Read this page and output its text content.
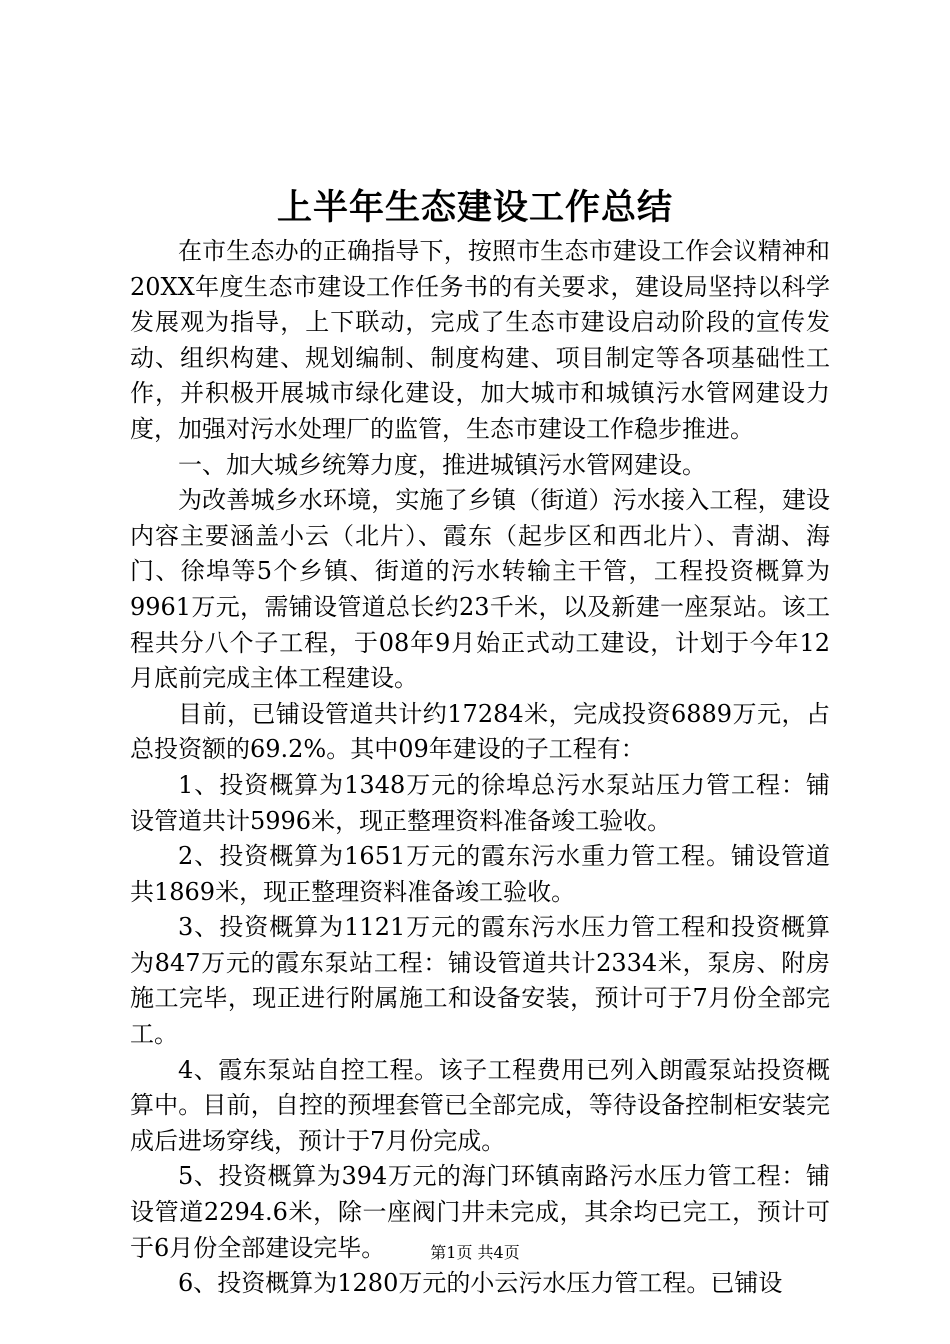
上半年生态建设工作总结

在市生态办的正确指导下，按照市生态市建设工作会议精神和20XX年度生态市建设工作任务书的有关要求，建设局坚持以科学发展观为指导，上下联动，完成了生态市建设启动阶段的宣传发动、组织构建、规划编制、制度构建、项目制定等各项基础性工作，并积极开展城市绿化建设，加大城市和城镇污水管网建设力度，加强对污水处理厂的监管，生态市建设工作稳步推进。

一、加大城乡统筹力度，推进城镇污水管网建设。

为改善城乡水环境，实施了乡镇（街道）污水接入工程，建设内容主要涵盖小云（北片）、霞东（起步区和西北片）、青湖、海门、徐埠等5个乡镇、街道的污水转输主干管，工程投资概算为9961万元，需铺设管道总长约23千米，以及新建一座泵站。该工程共分八个子工程，于08年9月始正式动工建设，计划于今年12月底前完成主体工程建设。

目前，已铺设管道共计约17284米，完成投资6889万元，占总投资额的69.2%。其中09年建设的子工程有：

1、投资概算为1348万元的徐埠总污水泵站压力管工程：铺设管道共计5996米，现正整理资料准备竣工验收。

2、投资概算为1651万元的霞东污水重力管工程。铺设管道共1869米，现正整理资料准备竣工验收。

3、投资概算为1121万元的霞东污水压力管工程和投资概算为847万元的霞东泵站工程：铺设管道共计2334米，泵房、附房施工完毕，现正进行附属施工和设备安装，预计可于7月份全部完工。

4、霞东泵站自控工程。该子工程费用已列入朗霞泵站投资概算中。目前，自控的预埋套管已全部完成，等待设备控制柜安装完成后进场穿线，预计于7月份完成。

5、投资概算为394万元的海门环镇南路污水压力管工程：铺设管道2294.6米，除一座阀门井未完成，其余均已完工，预计可于6月份全部建设完毕。

6、投资概算为1280万元的小云污水压力管工程。已铺设

第1页 共4页
